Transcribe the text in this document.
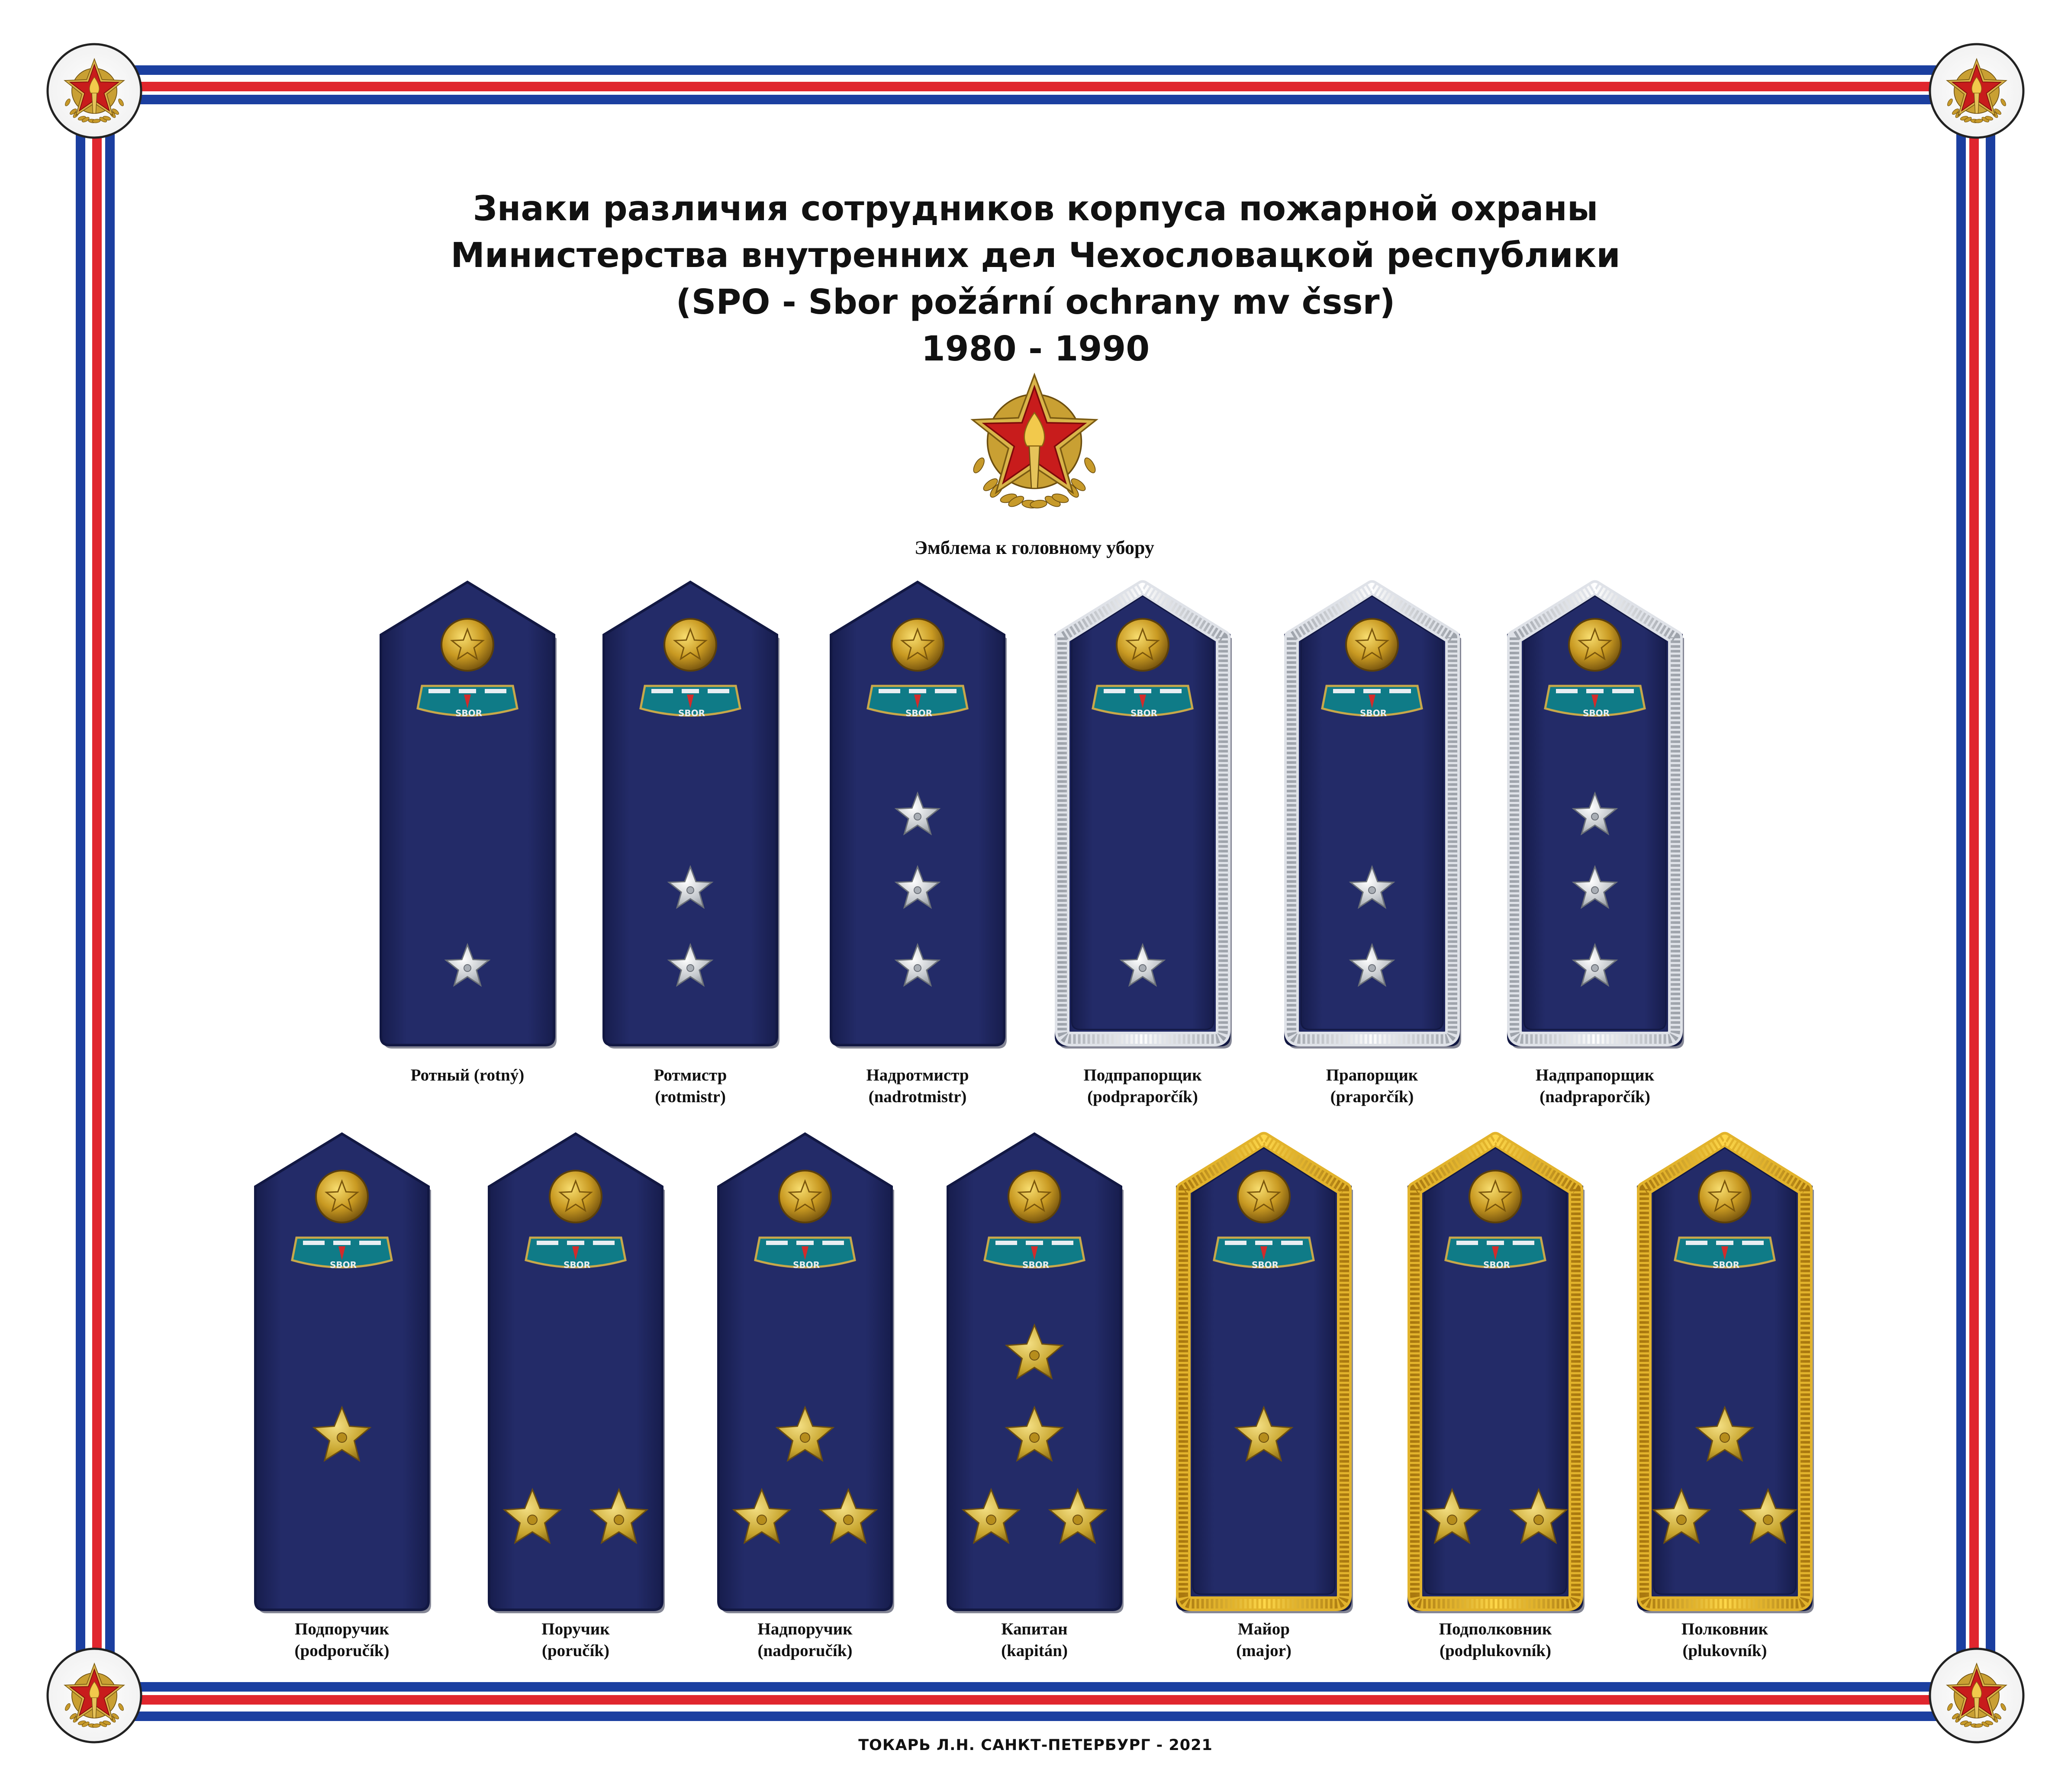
SBOR	SBOR	SBOR	SBOR	SBOR	SBOR
SBOR	SBOR	SBOR	SBOR	SBOR	SBOR	SBOR
Знаки различия сотрудников корпуса пожарной охраны
Министерства внутренних дел Чехословацкой республики
(SPO - Sbor požární ochrany mv čssr)
1980 - 1990
Эмблема к головному убору
Ротный (rotný)	Ротмистр
(rotmistr)
Надротмистр
(nadrotmistr)
Подпрапорщик
(podpraporčík)
Прапорщик
(praporčík)
Надпрапорщик
(nadpraporčík)
Подпоручик
(podporučík)
Поручик
(poručík)
Надпоручик
(nadporučík)
Капитан
(kapitán)
Майор
(major)
Подполковник
(podplukovník)
Полковник
(plukovník)
ТОКАРЬ Л.Н. САНКТ-ПЕТЕРБУРГ - 2021
